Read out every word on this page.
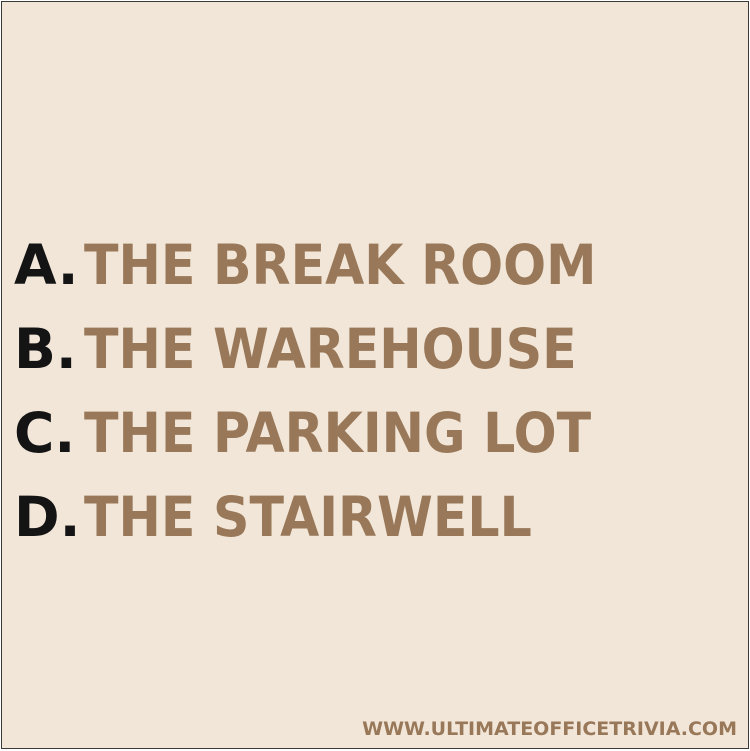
A. THE BREAK ROOM
B. THE WAREHOUSE
C. THE PARKING LOT
D. THE STAIRWELL
WWW.ULTIMATEOFFICETRIVIA.COM
